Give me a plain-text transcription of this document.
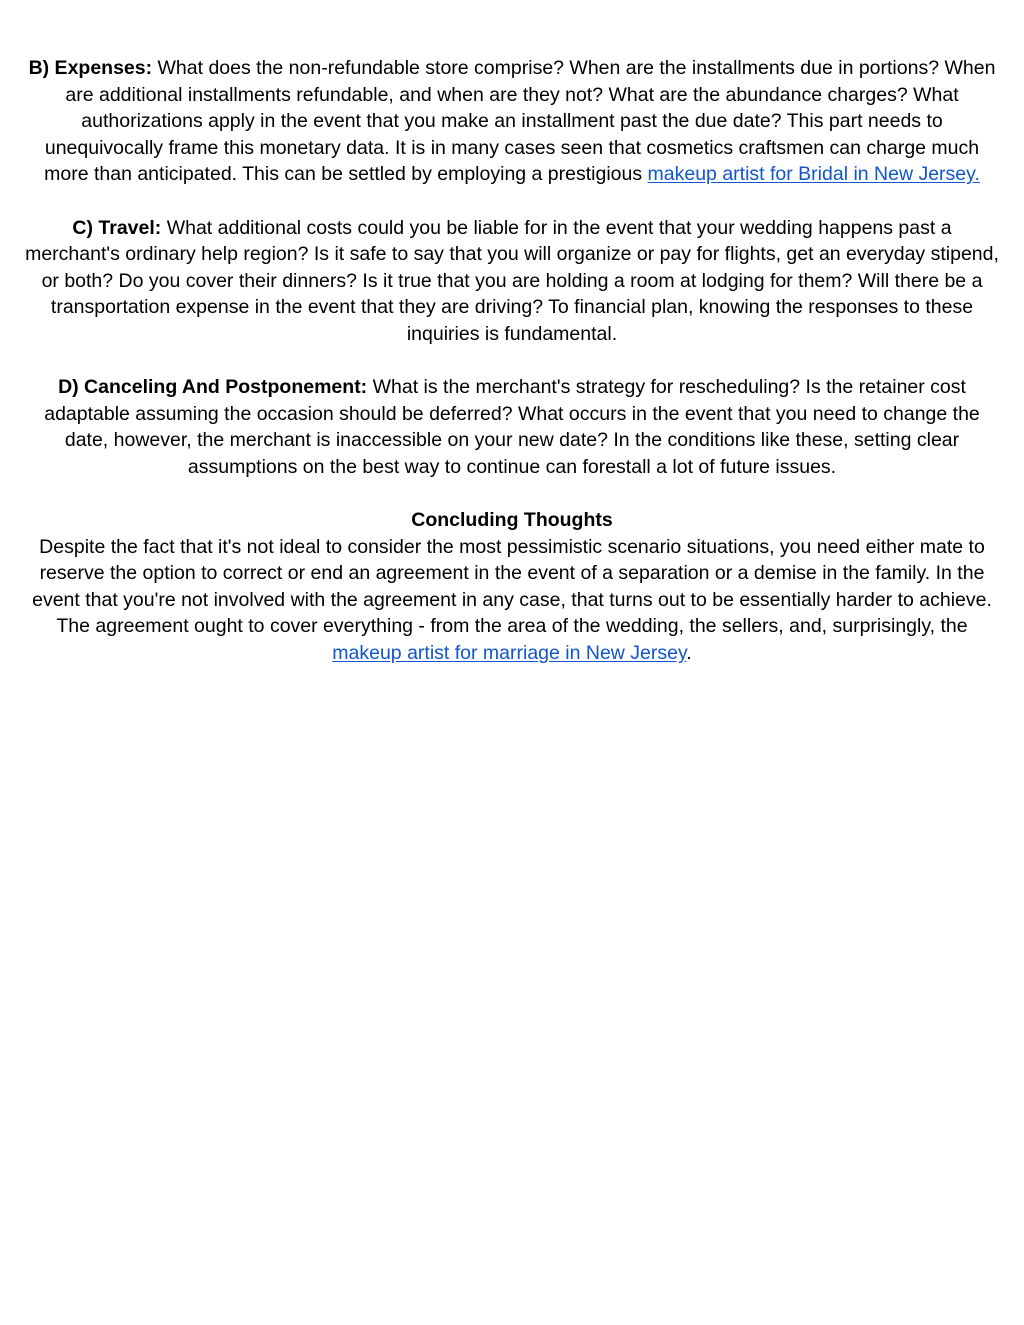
B) Expenses: What does the non-refundable store comprise? When are the installments due in portions? When are additional installments refundable, and when are they not? What are the abundance charges? What authorizations apply in the event that you make an installment past the due date? This part needs to unequivocally frame this monetary data. It is in many cases seen that cosmetics craftsmen can charge much more than anticipated. This can be settled by employing a prestigious makeup artist for Bridal in New Jersey.

C) Travel: What additional costs could you be liable for in the event that your wedding happens past a merchant's ordinary help region? Is it safe to say that you will organize or pay for flights, get an everyday stipend, or both? Do you cover their dinners? Is it true that you are holding a room at lodging for them? Will there be a transportation expense in the event that they are driving? To financial plan, knowing the responses to these inquiries is fundamental.

D) Canceling And Postponement: What is the merchant's strategy for rescheduling? Is the retainer cost adaptable assuming the occasion should be deferred? What occurs in the event that you need to change the date, however, the merchant is inaccessible on your new date? In the conditions like these, setting clear assumptions on the best way to continue can forestall a lot of future issues.

Concluding Thoughts

Despite the fact that it's not ideal to consider the most pessimistic scenario situations, you need either mate to reserve the option to correct or end an agreement in the event of a separation or a demise in the family. In the event that you're not involved with the agreement in any case, that turns out to be essentially harder to achieve. The agreement ought to cover everything - from the area of the wedding, the sellers, and, surprisingly, the makeup artist for marriage in New Jersey.
